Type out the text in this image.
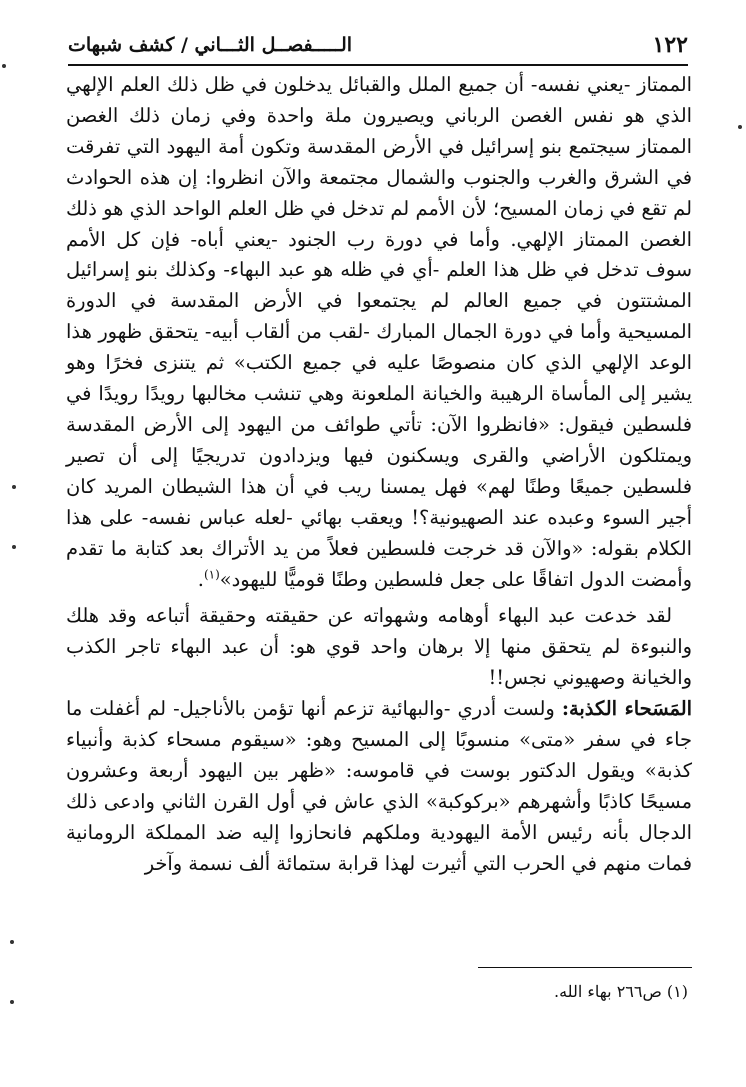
١٢٢
الـــــفصــل الثـــاني / كشف شبهات

الممتاز -يعني نفسه- أن جميع الملل والقبائل يدخلون في ظل ذلك العلم الإلهي الذي هو نفس الغصن الرباني ويصيرون ملة واحدة وفي زمان ذلك الغصن الممتاز سيجتمع بنو إسرائيل في الأرض المقدسة وتكون أمة اليهود التي تفرقت في الشرق والغرب والجنوب والشمال مجتمعة والآن انظروا: إن هذه الحوادث لم تقع في زمان المسيح؛ لأن الأمم لم تدخل في ظل العلم الواحد الذي هو ذلك الغصن الممتاز الإلهي. وأما في دورة رب الجنود -يعني أباه- فإن كل الأمم سوف تدخل في ظل هذا العلم -أي في ظله هو عبد البهاء- وكذلك بنو إسرائيل المشتتون في جميع العالم لم يجتمعوا في الأرض المقدسة في الدورة المسيحية وأما في دورة الجمال المبارك -لقب من ألقاب أبيه- يتحقق ظهور هذا الوعد الإلهي الذي كان منصوصًا عليه في جميع الكتب» ثم يتنزى فخرًا وهو يشير إلى المأساة الرهيبة والخيانة الملعونة وهي تنشب مخالبها رويدًا رويدًا في فلسطين فيقول: «فانظروا الآن: تأتي طوائف من اليهود إلى الأرض المقدسة ويمتلكون الأراضي والقرى ويسكنون فيها ويزدادون تدريجيًا إلى أن تصير فلسطين جميعًا وطنًا لهم» فهل يمسنا ريب في أن هذا الشيطان المريد كان أجير السوء وعبده عند الصهيونية؟! ويعقب بهائي -لعله عباس نفسه- على هذا الكلام بقوله: «والآن قد خرجت فلسطين فعلاً من يد الأتراك بعد كتابة ما تقدم وأمضت الدول اتفاقًا على جعل فلسطين وطنًا قوميًّا لليهود»$^{(١)}$.

لقد خدعت عبد البهاء أوهامه وشهواته عن حقيقته وحقيقة أتباعه وقد هلك والنبوءة لم يتحقق منها إلا برهان واحد قوي هو: أن عبد البهاء تاجر الكذب والخيانة وصهيوني نجس!!

المَسَحاء الكذبة: ولست أدري -والبهائية تزعم أنها تؤمن بالأناجيل- لم أغفلت ما جاء في سفر «متى» منسوبًا إلى المسيح وهو: «سيقوم مسحاء كذبة وأنبياء كذبة» ويقول الدكتور بوست في قاموسه: «ظهر بين اليهود أربعة وعشرون مسيحًا كاذبًا وأشهرهم «بركوكبة» الذي عاش في أول القرن الثاني وادعى ذلك الدجال بأنه رئيس الأمة اليهودية وملكهم فانحازوا إليه ضد المملكة الرومانية فمات منهم في الحرب التي أثيرت لهذا قرابة ستمائة ألف نسمة وآخر

(١) ص٢٦٦ بهاء الله.
